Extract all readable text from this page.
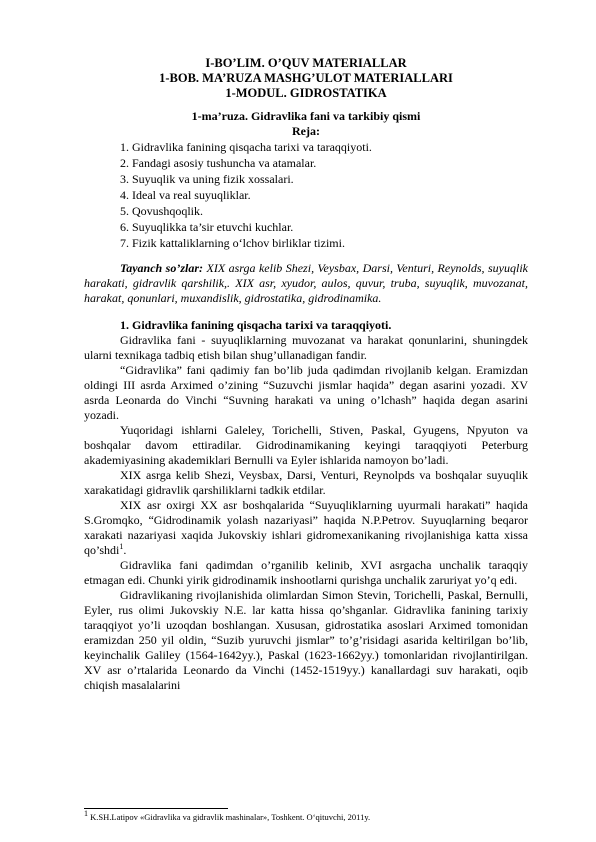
I-BO’LIM. O’QUV MATERIALLAR
1-BOB. MA’RUZA MASHG’ULOT MATERIALLARI
1-MODUL. GIDROSTATIKA
1-ma’ruza. Gidravlika fani va tarkibiy qismi
Reja:
1. Gidravlika fanining qisqacha tarixi va taraqqiyoti.
2. Fandagi asosiy tushuncha va atamalar.
3. Suyuqlik va uning fizik xossalari.
4. Ideal va real suyuqliklar.
5. Qovushqoqlik.
6. Suyuqlikka ta’sir etuvchi kuchlar.
7. Fizik kattaliklarning o‘lchov birliklar tizimi.

Tayanch so’zlar: XIX asrga kelib Shezi, Veysbax, Darsi, Venturi, Reynolds, suyuqlik harakati, gidravlik qarshilik,. XIX asr, xyudor, aulos, quvur, truba, suyuqlik, muvozanat, harakat, qonunlari, muxandislik, gidrostatika, gidrodinamika.

1. Gidravlika fanining qisqacha tarixi va taraqqiyoti.

Gidravlika fani - suyuqliklarning muvozanat va harakat qonunlarini, shuningdek ularni texnikaga tadbiq etish bilan shug’ullanadigan fandir.

“Gidravlika” fani qadimiy fan bo’lib juda qadimdan rivojlanib kelgan. Eramizdan oldingi III asrda Arximed o’zining “Suzuvchi jismlar haqida” degan asarini yozadi. XV asrda Leonarda do Vinchi “Suvning harakati va uning o’lchash” haqida degan asarini yozadi.

Yuqoridagi ishlarni Galeley, Torichelli, Stiven, Paskal, Gyugens, Npyuton va boshqalar davom ettiradilar. Gidrodinamikaning keyingi taraqqiyoti Peterburg akademiyasining akademiklari Bernulli va Eyler ishlarida namoyon bo’ladi.

XIX asrga kelib Shezi, Veysbax, Darsi, Venturi, Reynolpds va boshqalar suyuqlik xarakatidagi gidravlik qarshiliklarni tadkik etdilar.

XIX asr oxirgi XX asr boshqalarida “Suyuqliklarning uyurmali harakati” haqida S.Gromqko, “Gidrodinamik yolash nazariyasi” haqida N.P.Petrov. Suyuqlarning beqaror xarakati nazariyasi xaqida Jukovskiy ishlari gidromexanikaning rivojlanishiga katta xissa qo’shdi$^1$.

Gidravlika fani qadimdan o’rganilib kelinib, XVI asrgacha unchalik taraqqiy etmagan edi. Chunki yirik gidrodinamik inshootlarni qurishga unchalik zaruriyat yo’q edi.

Gidravlikaning rivojlanishida olimlardan Simon Stevin, Torichelli, Paskal, Bernulli, Eyler, rus olimi Jukovskiy N.E. lar katta hissa qo’shganlar. Gidravlika fanining tarixiy taraqqiyot yo’li uzoqdan boshlangan. Xususan, gidrostatika asoslari Arximed tomonidan eramizdan 250 yil oldin, “Suzib yuruvchi jismlar” to’g’risidagi asarida keltirilgan bo’lib, keyinchalik Galiley (1564-1642yy.), Paskal (1623-1662yy.) tomonlaridan rivojlantirilgan. XV asr o’rtalarida Leonardo da Vinchi (1452-1519yy.) kanallardagi suv harakati, oqib chiqish masalalarini

$^1$ K.SH.Latipov «Gidravlika va gidravlik mashinalar», Toshkent. O‘qituvchi, 2011y.
